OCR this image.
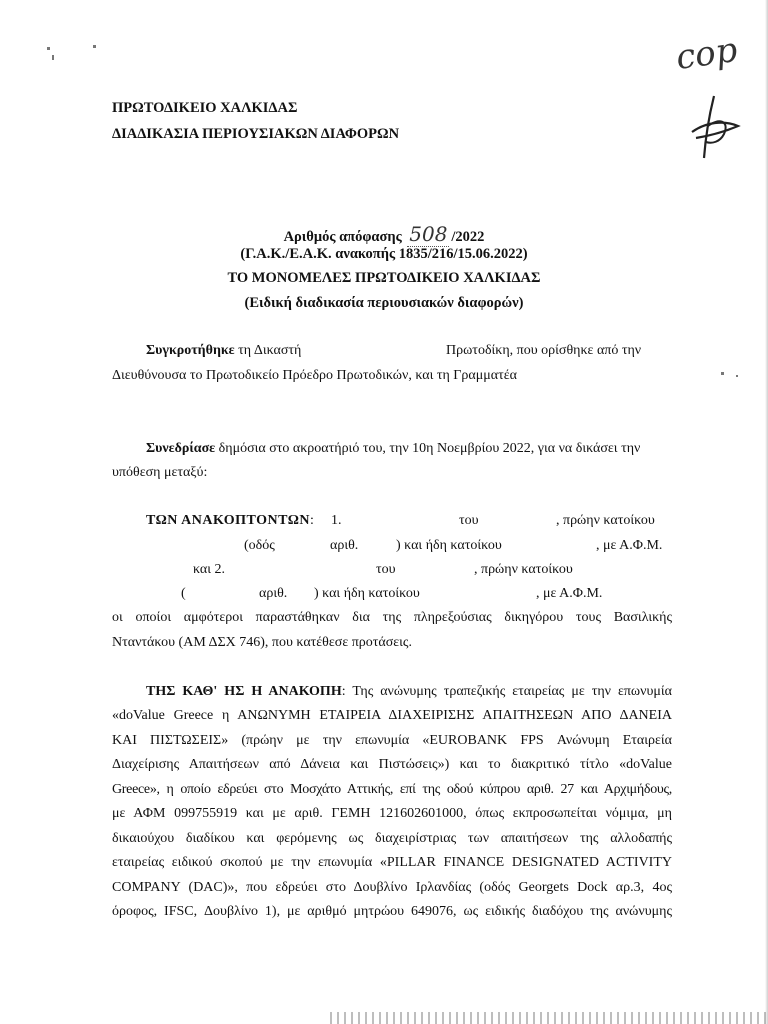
cop
ΠΡΩΤΟΔΙΚΕΙΟ ΧΑΛΚΙΔΑΣ
ΔΙΑΔΙΚΑΣΙΑ ΠΕΡΙΟΥΣΙΑΚΩΝ ΔΙΑΦΟΡΩΝ
Αριθμός απόφασης 508 /2022
(Γ.Α.Κ./Ε.Α.Κ. ανακοπής 1835/216/15.06.2022)
ΤΟ ΜΟΝΟΜΕΛΕΣ ΠΡΩΤΟΔΙΚΕΙΟ ΧΑΛΚΙΔΑΣ
(Ειδική διαδικασία περιουσιακών διαφορών)
Συγκροτήθηκε τη Δικαστή	Πρωτοδίκη, που ορίσθηκε από την
Διευθύνουσα το Πρωτοδικείο Πρόεδρο Πρωτοδικών, και τη Γραμματέα
Συνεδρίασε δημόσια στο ακροατήριό του, την 10η Νοεμβρίου 2022, για να δικάσει την
υπόθεση μεταξύ:
ΤΩΝ ΑΝΑΚΟΠΤΟΝΤΩΝ: 1.	του	, πρώην κατοίκου
(οδός	αριθ.	) και ήδη κατοίκου	, με Α.Φ.Μ.
και 2.	του	, πρώην κατοίκου
(	αριθ. ) και ήδη κατοίκου	, με Α.Φ.Μ.
οι οποίοι αμφότεροι παραστάθηκαν δια της πληρεξούσιας δικηγόρου τους Βασιλικής
Νταντάκου (ΑΜ ΔΣΧ 746), που κατέθεσε προτάσεις.
ΤΗΣ ΚΑΘ' ΗΣ Η ΑΝΑΚΟΠΗ: Της ανώνυμης τραπεζικής εταιρείας με την επωνυμία
«doValue Greece η ΑΝΩΝΥΜΗ ΕΤΑΙΡΕΙΑ ΔΙΑΧΕΙΡΙΣΗΣ ΑΠΑΙΤΗΣΕΩΝ ΑΠΟ ΔΑΝΕΙΑ
ΚΑΙ ΠΙΣΤΩΣΕΙΣ» (πρώην με την επωνυμία «EUROBANK FPS Ανώνυμη Εταιρεία
Διαχείρισης Απαιτήσεων από Δάνεια και Πιστώσεις») και το διακριτικό τίτλο «doValue
Greece», η οποίο εδρεύει στο Μοσχάτο Αττικής, επί της οδού κύπρου αριθ. 27 και Αρχιμήδους,
με ΑΦΜ 099755919 και με αριθ. ΓΕΜΗ 121602601000, όπως εκπροσωπείται νόμιμα, μη
δικαιούχου διαδίκου και φερόμενης ως διαχειρίστριας των απαιτήσεων της αλλοδαπής
εταιρείας ειδικού σκοπού με την επωνυμία «PILLAR FINANCE DESIGNATED ACTIVITY
COMPANY (DAC)», που εδρεύει στο Δουβλίνο Ιρλανδίας (οδός Georgets Dock αρ.3, 4ος
όροφος, IFSC, Δουβλίνο 1), με αριθμό μητρώου 649076, ως ειδικής διαδόχου της ανώνυμης
